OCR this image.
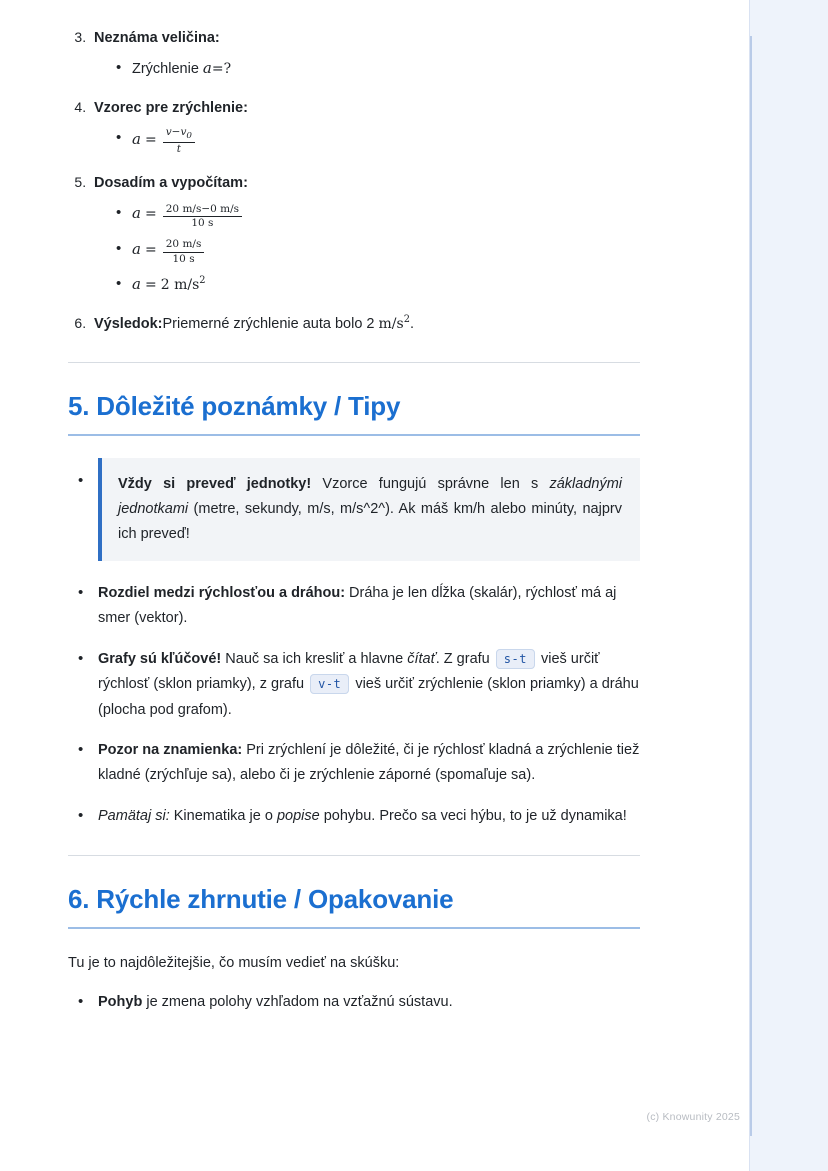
3. Neznáma veličina:
• Zrýchlenie a=?
4. Vzorec pre zrýchlenie:
• $a = \frac{v-v_0}{t}$
5. Dosadím a vypočítam:
• $a = \frac{20 m/s-0 m/s}{10 s}$
• $a = \frac{20 m/s}{10 s}$
• a = 2 $m/s^2$
6. Výsledok:Priemerné zrýchlenie auta bolo 2 $m/s^2$.
5. Dôležité poznámky / Tipy
• Vždy si preveď jednotky! Vzorce fungujú správne len s základnými jednotkami (metre, sekundy, m/s, m/s^2^). Ak máš km/h alebo minúty, najprv ich preveď!
• Rozdiel medzi rýchlosťou a dráhou: Dráha je len dĺžka (skalár), rýchlosť má aj smer (vektor).
• Grafy sú kľúčové! Nauč sa ich kresliť a hlavne čítať. Z grafu s-t vieš určiť rýchlosť (sklon priamky), z grafu v-t vieš určiť zrýchlenie (sklon priamky) a dráhu (plocha pod grafom).
• Pozor na znamienka: Pri zrýchlení je dôležité, či je rýchlosť kladná a zrýchlenie tiež kladné (zrýchľuje sa), alebo či je zrýchlenie záporné (spomaľuje sa).
• Pamätaj si: Kinematika je o popise pohybu. Prečo sa veci hýbu, to je už dynamika!
6. Rýchle zhrnutie / Opakovanie

Tu je to najdôležitejšie, čo musím vedieť na skúšku:

• Pohyb je zmena polohy vzhľadom na vzťažnú sústavu.
(c) Knowunity 2025
